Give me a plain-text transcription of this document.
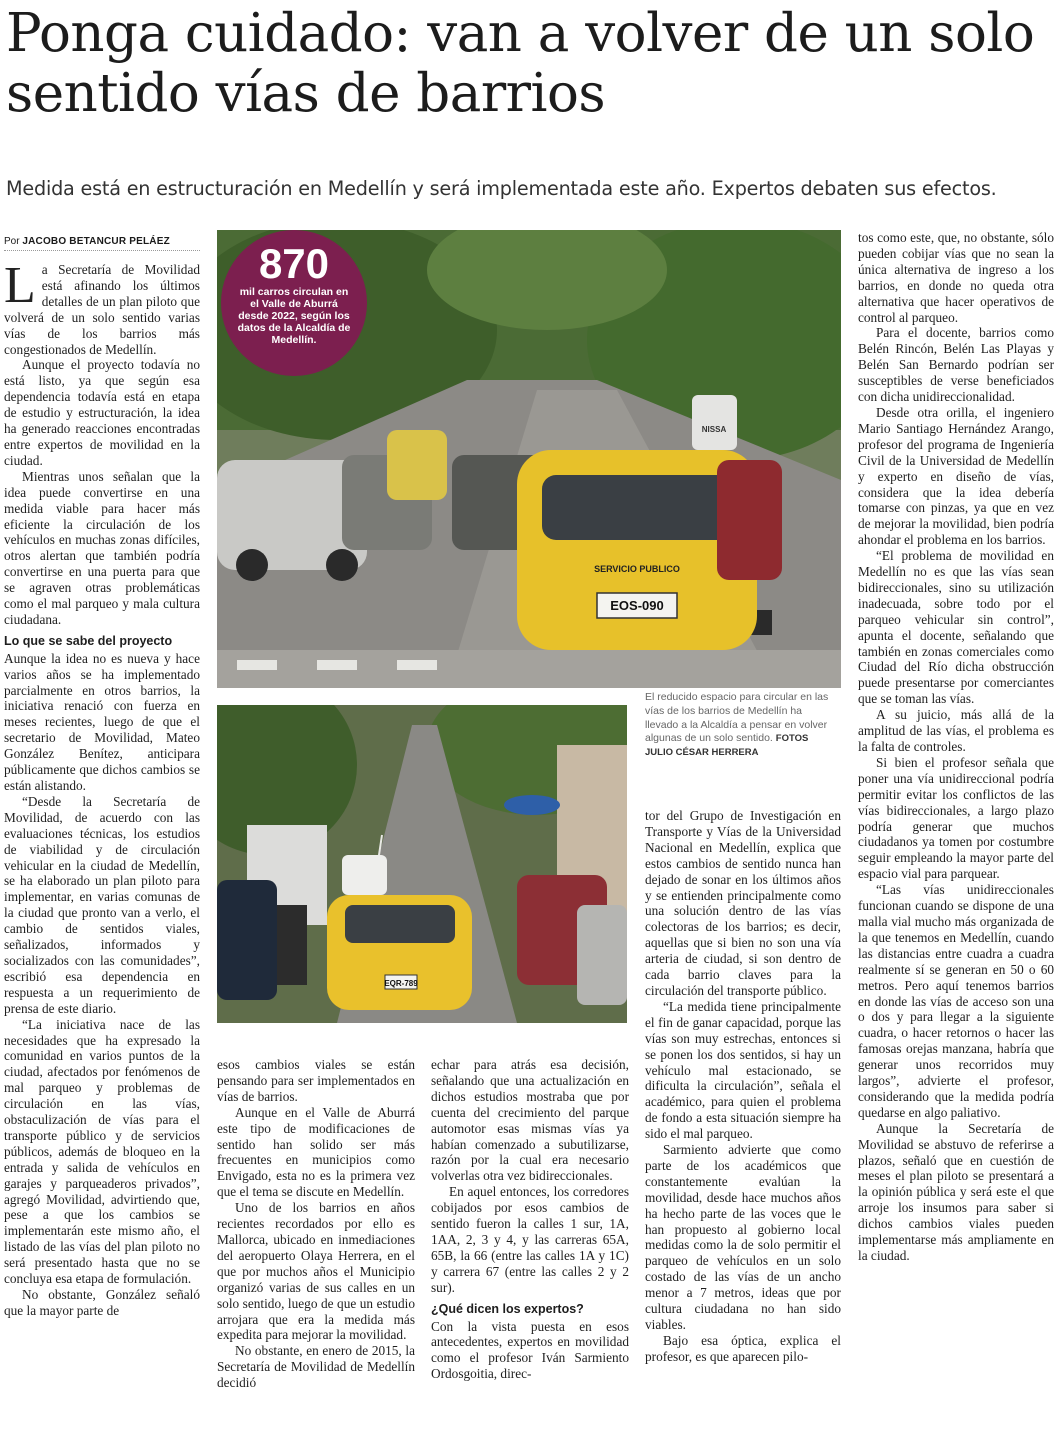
Ponga cuidado: van a volver de un solo sentido vías de barrios

Medida está en estructuración en Medellín y será implementada este año. Expertos debaten sus efectos.

Por JACOBO BETANCUR PELÁEZ

La Secretaría de Movilidad está afinando los últimos detalles de un plan piloto que volverá de un solo sentido varias vías de los barrios más congestionados de Medellín.

Aunque el proyecto todavía no está listo, ya que según esa dependencia todavía está en etapa de estudio y estructuración, la idea ha generado reacciones encontradas entre expertos de movilidad en la ciudad.

Mientras unos señalan que la idea puede convertirse en una medida viable para hacer más eficiente la circulación de los vehículos en muchas zonas difíciles, otros alertan que también podría convertirse en una puerta para que se agraven otras problemáticas como el mal parqueo y mala cultura ciudadana.

Lo que se sabe del proyecto

Aunque la idea no es nueva y hace varios años se ha implementado parcialmente en otros barrios, la iniciativa renació con fuerza en meses recientes, luego de que el secretario de Movilidad, Mateo González Benítez, anticipara públicamente que dichos cambios se están alistando.

“Desde la Secretaría de Movilidad, de acuerdo con las evaluaciones técnicas, los estudios de viabilidad y de circulación vehicular en la ciudad de Medellín, se ha elaborado un plan piloto para implementar, en varias comunas de la ciudad que pronto van a verlo, el cambio de sentidos viales, señalizados, informados y socializados con las comunidades”, escribió esa dependencia en respuesta a un requerimiento de prensa de este diario.

“La iniciativa nace de las necesidades que ha expresado la comunidad en varios puntos de la ciudad, afectados por fenómenos de mal parqueo y problemas de circulación en las vías, obstaculización de vías para el transporte público y de servicios públicos, además de bloqueo en la entrada y salida de vehículos en garajes y parqueaderos privados”, agregó Movilidad, advirtiendo que, pese a que los cambios se implementarán este mismo año, el listado de las vías del plan piloto no será presentado hasta que no se concluya esa etapa de formulación.

No obstante, González señaló que la mayor parte de

EOS-090
SERVICIO PUBLICO
NISSA
870
mil carros circulan en el Valle de Aburrá desde 2022, según los datos de la Alcaldía de Medellín.
EQR-789
El reducido espacio para circular en las vías de los barrios de Medellín ha llevado a la Alcaldía a pensar en volver algunas de un solo sentido. FOTOS JULIO CÉSAR HERRERA

esos cambios viales se están pensando para ser implementados en vías de barrios.

Aunque en el Valle de Aburrá este tipo de modificaciones de sentido han solido ser más frecuentes en municipios como Envigado, esta no es la primera vez que el tema se discute en Medellín.

Uno de los barrios en años recientes recordados por ello es Mallorca, ubicado en inmediaciones del aeropuerto Olaya Herrera, en el que por muchos años el Municipio organizó varias de sus calles en un solo sentido, luego de que un estudio arrojara que era la medida más expedita para mejorar la movilidad.

No obstante, en enero de 2015, la Secretaría de Movilidad de Medellín decidió

echar para atrás esa decisión, señalando que una actualización en dichos estudios mostraba que por cuenta del crecimiento del parque automotor esas mismas vías ya habían comenzado a subutilizarse, razón por la cual era necesario volverlas otra vez bidireccionales.

En aquel entonces, los corredores cobijados por esos cambios de sentido fueron la calles 1 sur, 1A, 1AA, 2, 3 y 4, y las carreras 65A, 65B, la 66 (entre las calles 1A y 1C) y carrera 67 (entre las calles 2 y 2 sur).

¿Qué dicen los expertos?

Con la vista puesta en esos antecedentes, expertos en movilidad como el profesor Iván Sarmiento Ordosgoitia, direc-

tor del Grupo de Investigación en Transporte y Vías de la Universidad Nacional en Medellín, explica que estos cambios de sentido nunca han dejado de sonar en los últimos años y se entienden principalmente como una solución dentro de las vías colectoras de los barrios; es decir, aquellas que si bien no son una vía arteria de ciudad, si son dentro de cada barrio claves para la circulación del transporte público.

“La medida tiene principalmente el fin de ganar capacidad, porque las vías son muy estrechas, entonces si se ponen los dos sentidos, si hay un vehículo mal estacionado, se dificulta la circulación”, señala el académico, para quien el problema de fondo a esta situación siempre ha sido el mal parqueo.

Sarmiento advierte que como parte de los académicos que constantemente evalúan la movilidad, desde hace muchos años ha hecho parte de las voces que le han propuesto al gobierno local medidas como la de solo permitir el parqueo de vehículos en un solo costado de las vías de un ancho menor a 7 metros, ideas que por cultura ciudadana no han sido viables.

Bajo esa óptica, explica el profesor, es que aparecen pilo-

tos como este, que, no obstante, sólo pueden cobijar vías que no sean la única alternativa de ingreso a los barrios, en donde no queda otra alternativa que hacer operativos de control al parqueo.

Para el docente, barrios como Belén Rincón, Belén Las Playas y Belén San Bernardo podrían ser susceptibles de verse beneficiados con dicha unidireccionalidad.

Desde otra orilla, el ingeniero Mario Santiago Hernández Arango, profesor del programa de Ingeniería Civil de la Universidad de Medellín y experto en diseño de vías, considera que la idea debería tomarse con pinzas, ya que en vez de mejorar la movilidad, bien podría ahondar el problema en los barrios.

“El problema de movilidad en Medellín no es que las vías sean bidireccionales, sino su utilización inadecuada, sobre todo por el parqueo vehicular sin control”, apunta el docente, señalando que también en zonas comerciales como Ciudad del Río dicha obstrucción puede presentarse por comerciantes que se toman las vías.

A su juicio, más allá de la amplitud de las vías, el problema es la falta de controles.

Si bien el profesor señala que poner una vía unidireccional podría permitir evitar los conflictos de las vías bidireccionales, a largo plazo podría generar que muchos ciudadanos ya tomen por costumbre seguir empleando la mayor parte del espacio vial para parquear.

“Las vías unidireccionales funcionan cuando se dispone de una malla vial mucho más organizada de la que tenemos en Medellín, cuando las distancias entre cuadra a cuadra realmente sí se generan en 50 o 60 metros. Pero aquí tenemos barrios en donde las vías de acceso son una o dos y para llegar a la siguiente cuadra, o hacer retornos o hacer las famosas orejas manzana, habría que generar unos recorridos muy largos”, advierte el profesor, considerando que la medida podría quedarse en algo paliativo.

Aunque la Secretaría de Movilidad se abstuvo de referirse a plazos, señaló que en cuestión de meses el plan piloto se presentará a la opinión pública y será este el que arroje los insumos para saber si dichos cambios viales pueden implementarse más ampliamente en la ciudad.
